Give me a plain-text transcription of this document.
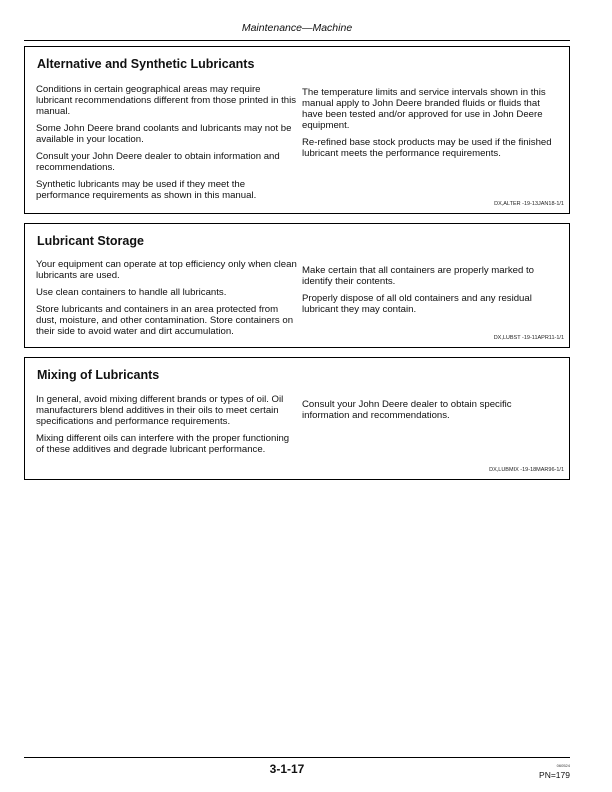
Maintenance—Machine
Alternative and Synthetic Lubricants

Conditions in certain geographical areas may require lubricant recommendations different from those printed in this manual.

Some John Deere brand coolants and lubricants may not be available in your location.

Consult your John Deere dealer to obtain information and recommendations.

Synthetic lubricants may be used if they meet the performance requirements as shown in this manual.

The temperature limits and service intervals shown in this manual apply to John Deere branded fluids or fluids that have been tested and/or approved for use in John Deere equipment.

Re-refined base stock products may be used if the finished lubricant meets the performance requirements.

DX,ALTER -19-13JAN18-1/1
Lubricant Storage

Your equipment can operate at top efficiency only when clean lubricants are used.

Use clean containers to handle all lubricants.

Store lubricants and containers in an area protected from dust, moisture, and other contamination. Store containers on their side to avoid water and dirt accumulation.

Make certain that all containers are properly marked to identify their contents.

Properly dispose of all old containers and any residual lubricant they may contain.

DX,LUBST -19-11APR11-1/1
Mixing of Lubricants

In general, avoid mixing different brands or types of oil. Oil manufacturers blend additives in their oils to meet certain specifications and performance requirements.

Mixing different oils can interfere with the proper functioning of these additives and degrade lubricant performance.

Consult your John Deere dealer to obtain specific information and recommendations.

DX,LUBMIX -19-18MAR96-1/1
3-1-17	060524
PN=179
